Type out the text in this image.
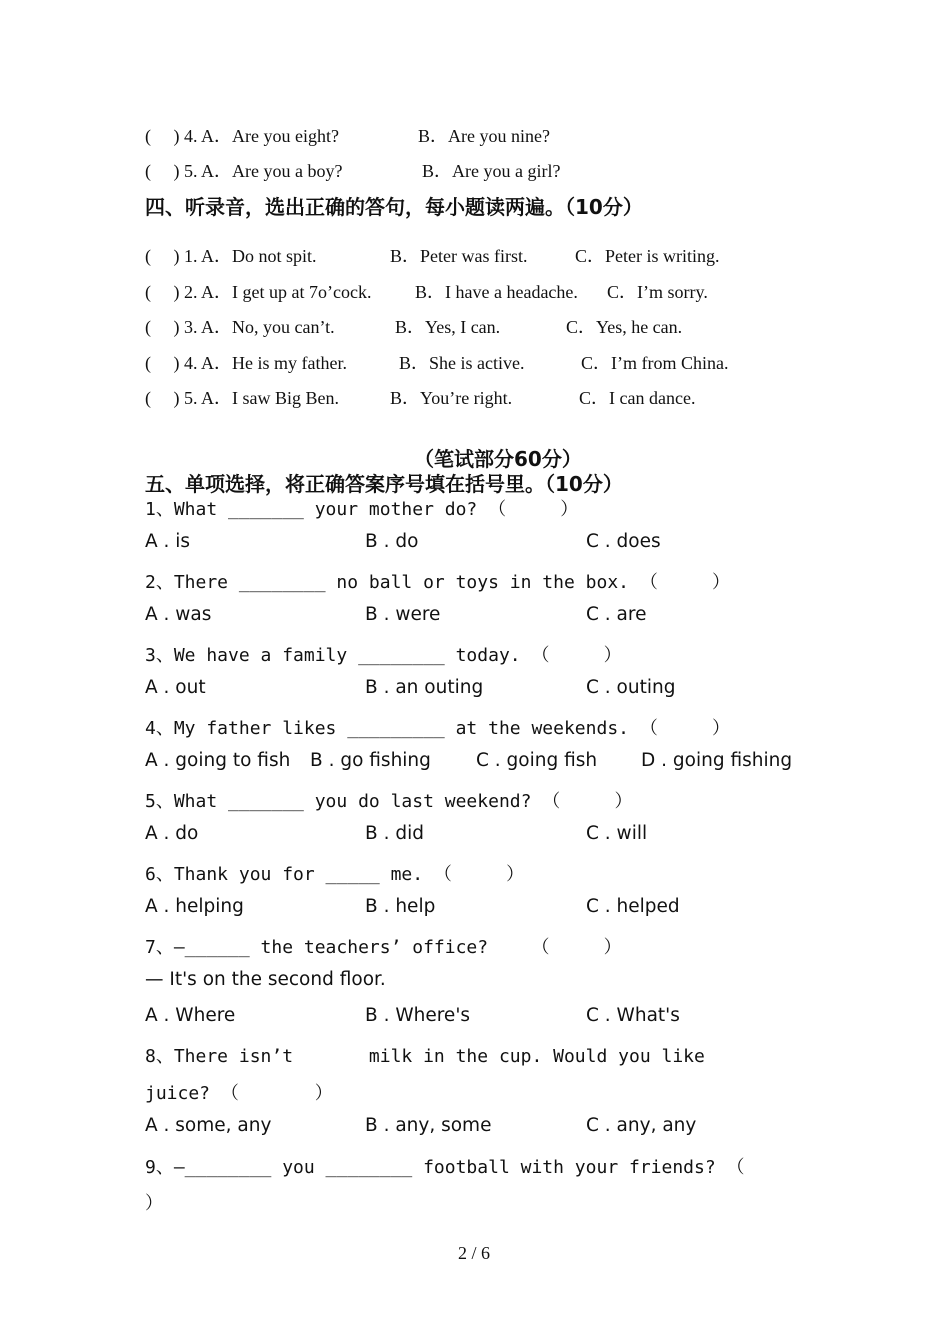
(     ) 4. A．Are you eight?	B．Are you nine?
(     ) 5. A．Are you a boy?	B．Are you a girl?
四、听录音，选出正确的答句，每小题读两遍。（10分）
(     ) 1. A．Do not spit.	B．Peter was first.	C．Peter is writing.
(     ) 2. A．I get up at 7o’cock. B．I have a headache. C．I’m sorry.
(     ) 3. A．No, you can’t.	B．Yes, I can.	C．Yes, he can.
(     ) 4. A．He is my father.	B．She is active.	C．I’m from China.
(     ) 5. A．I saw Big Ben.	B．You’re right.	C．I can dance.
（笔试部分60分）
五、单项选择，将正确答案序号填在括号里。（10分）
1、What _______ your mother do? （     ）
A . is	B . do	C . does
2、There ________ no ball or toys in the box. （     ）
A . was	B . were	C . are
3、We have a family ________ today. （     ）
A . out	B . an outing	C . outing
4、My father likes _________ at the weekends. （     ）
A . going to fish B . go fishing C . going fish D . going fishing
5、What _______ you do last weekend? （     ）
A . do	B . did	C . will
6、Thank you for _____ me. （     ）
A . helping	B . help	C . helped
7、—______ the teachers’ office?    （     ）
— It's on the second floor.
A . Where	B . Where's	C . What's
8、There isn’t       milk in the cup. Would you like
juice? （       ）
A . some, any	B . any, some	C . any, any
9、—________ you ________ football with your friends? （
）
2 / 6
